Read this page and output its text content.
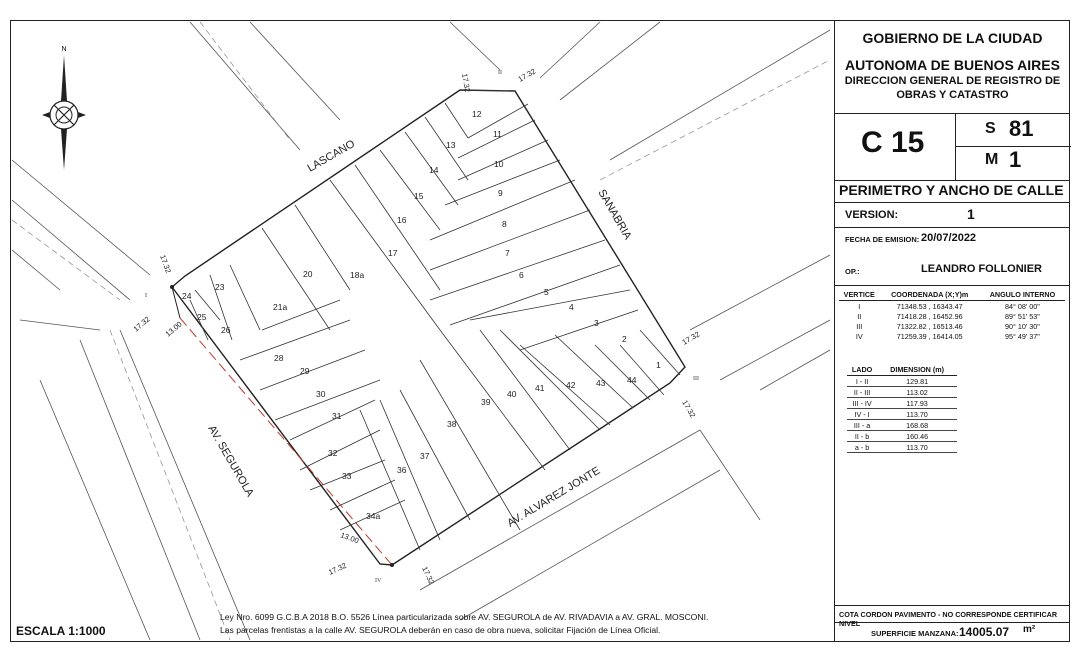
N
LASCANO
SANABRIA
AV. ALVAREZ JONTE
AV. SEGUROLA
I
II
III
IV
17.32	17.32
17.32
17.32
17.32
17.32
17.32	17.32
13.00
13.00
1
3
2
4
5
6
7
8
9
10
11
12
13
14
15
16
17
18a
20
21a
23
24
25
26
28
29
30
31
32
33
34a
36
37
38
39
40
41	42 43	44
Ley Nro. 6099 G.C.B.A 2018 B.O. 5526 Línea particularizada sobre AV. SEGUROLA de AV. RIVADAVIA a AV. GRAL. MOSCONI.
Las parcelas frentistas a la calle AV. SEGUROLA deberán en caso de obra nueva, solicitar Fijación de Línea Oficial.
ESCALA 1:1000
GOBIERNO DE LA CIUDAD
AUTONOMA DE BUENOS AIRES
DIRECCION GENERAL DE REGISTRO DE
OBRAS Y CATASTRO
C 15	S 81
M 1
PERIMETRO Y ANCHO DE CALLE
VERSION:	1
FECHA DE EMISION: 20/07/2022
OP.:	LEANDRO FOLLONIER
VERTICE	COORDENADA (X;Y)m	ANGULO INTERNO
I	71348.53 , 16343.47	84° 08' 00"
II	71418.28 , 16452.96	89° 51' 53"
III	71322.82 , 16513.46	90° 10' 30"
IV	71259.39 , 16414.05	95° 49' 37"
LADO	DIMENSION (m)
I - II	129.81
II - III	113.02
III - IV	117.93
IV - I	113.70
III - a	168.68
II - b	160.46
a - b	113.70
COTA CORDON PAVIMENTO - NO CORRESPONDE CERTIFICAR NIVEL
SUPERFICIE MANZANA: 14005.07 m²
